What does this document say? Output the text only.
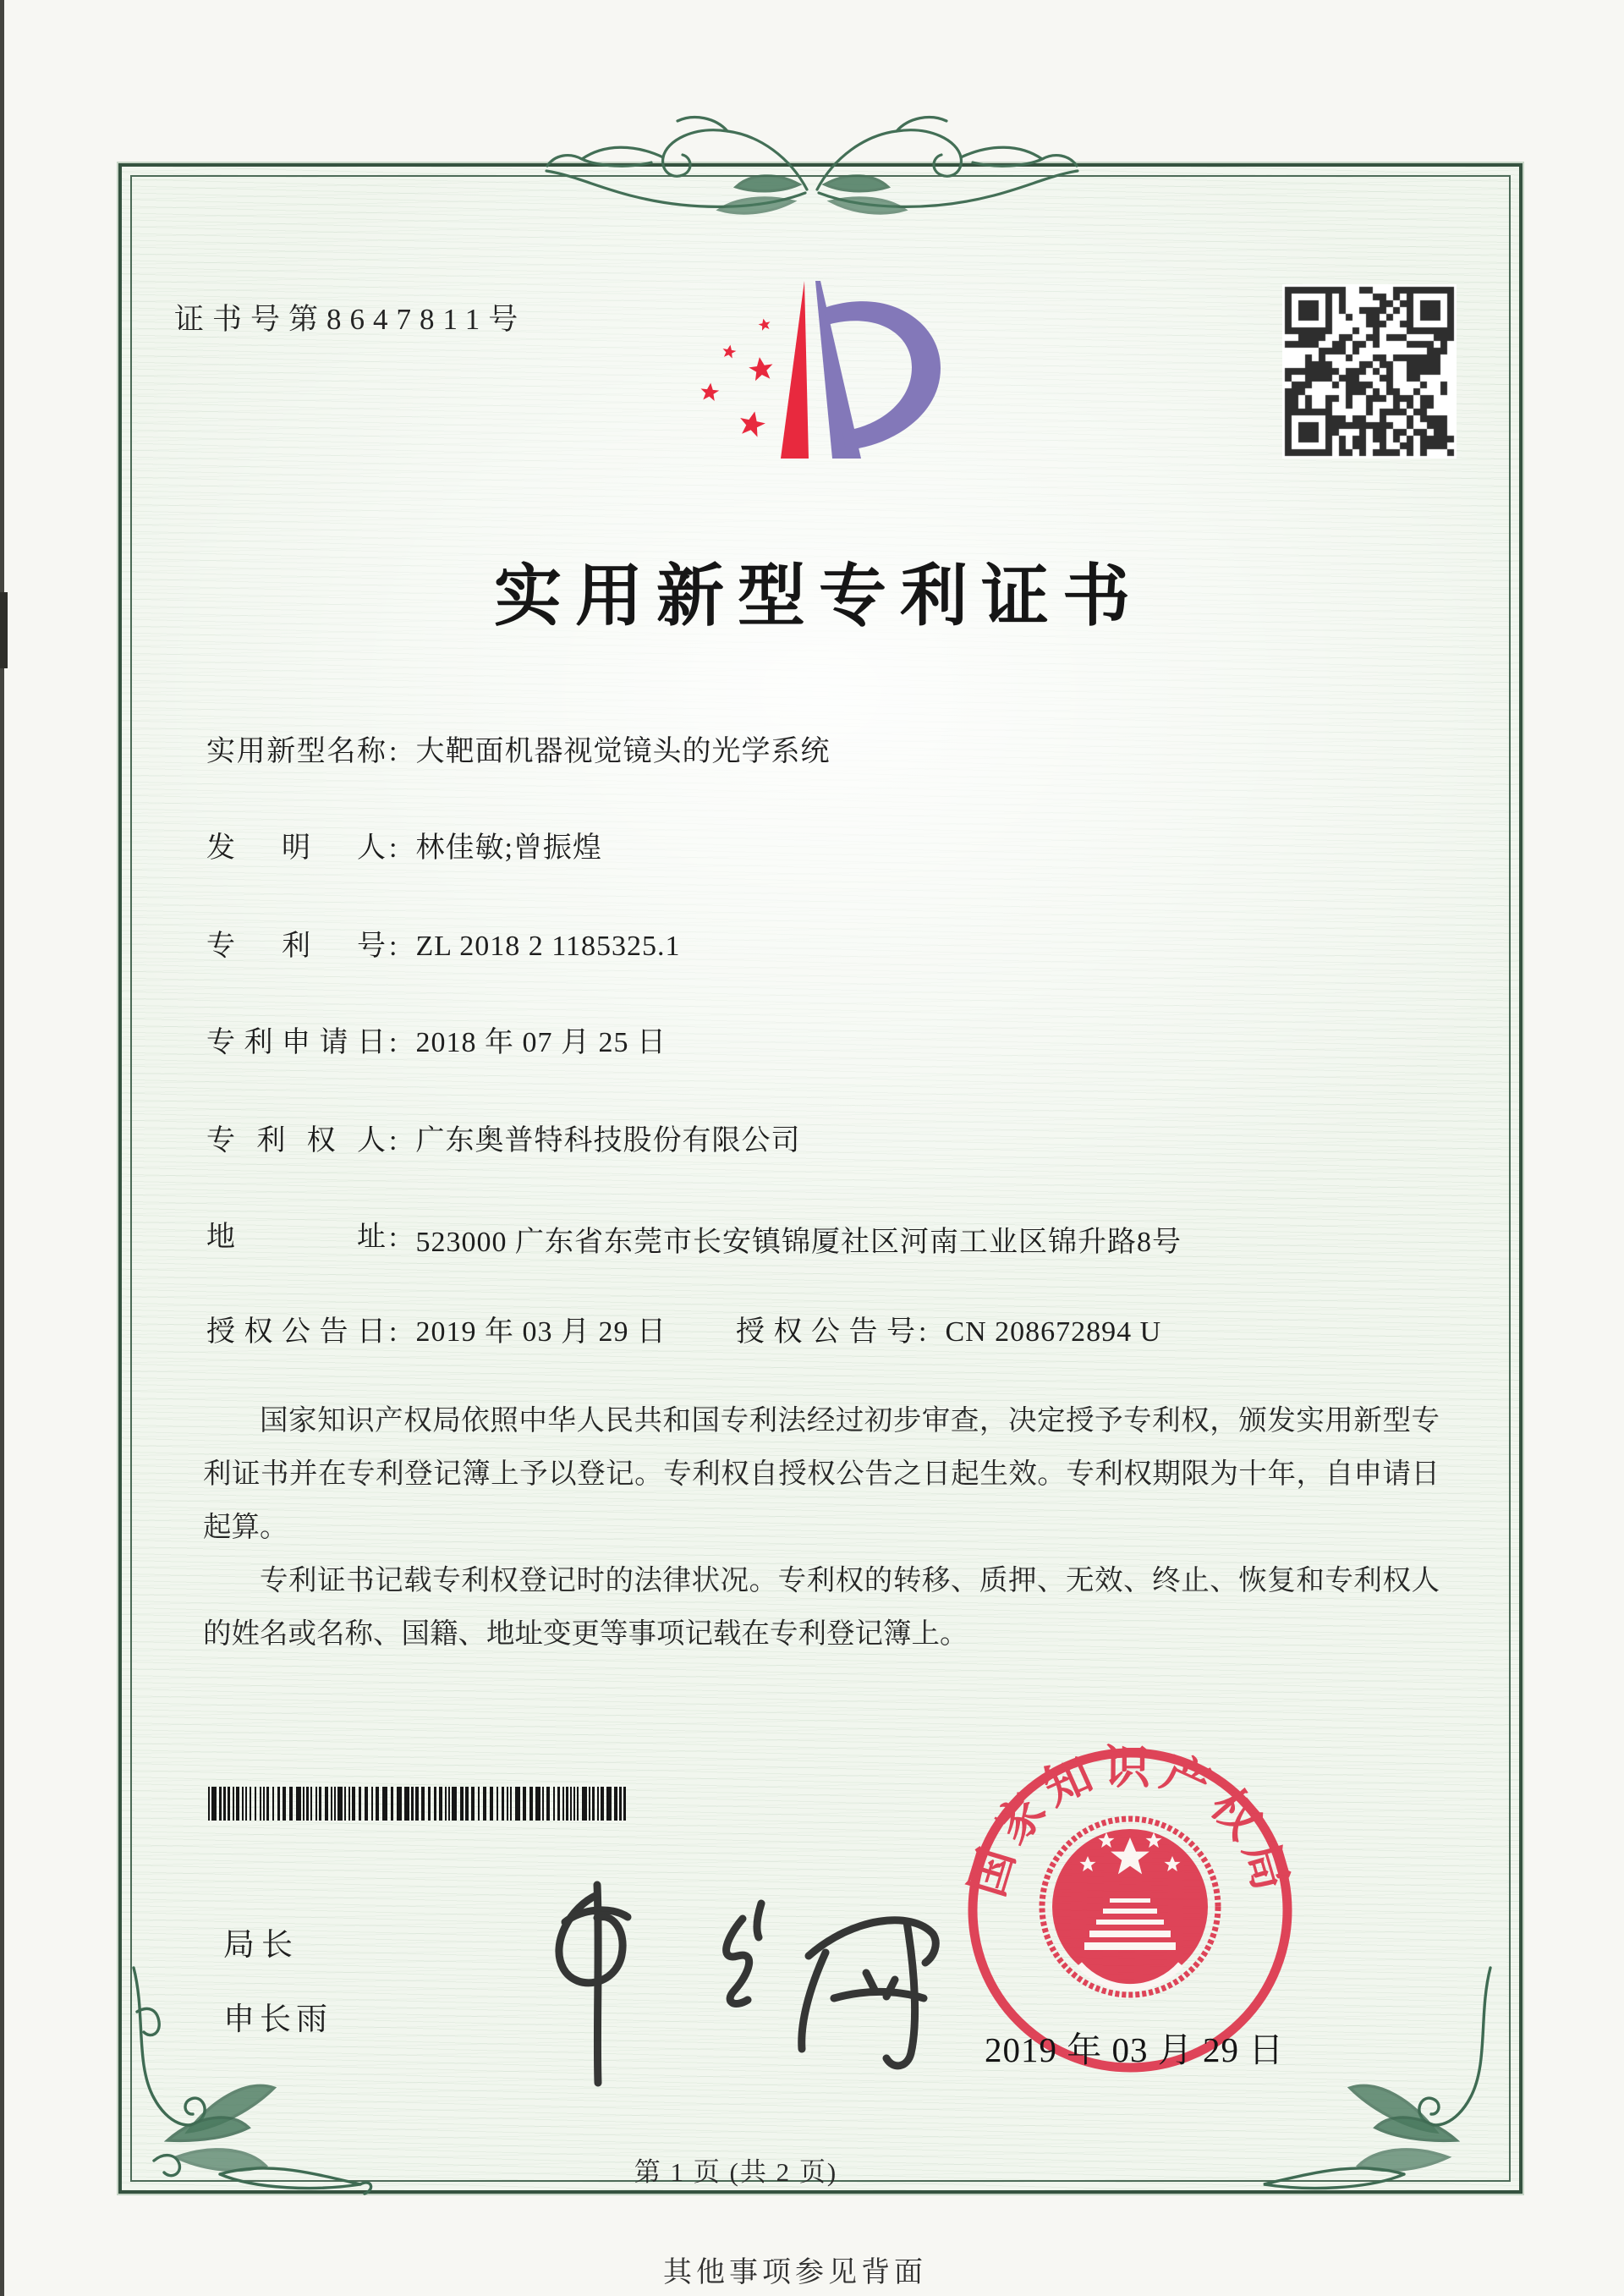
证书号第8647811号
实用新型专利证书
实用新型名称 : 大靶面机器视觉镜头的光学系统
发明人 : 林佳敏;曾振煌
专利号 : ZL 2018 2 1185325.1
专利申请日 : 2018 年 07 月 25 日
专利权人 : 广东奥普特科技股份有限公司
地址 : 523000 广东省东莞市长安镇锦厦社区河南工业区锦升路8号
授权公告日 : 2019 年 03 月 29 日 授权公告号 : CN 208672894 U

国家知识产权局依照中华人民共和国专利法经过初步审查，决定授予专利权，颁发实用新型专利证书并在专利登记簿上予以登记。专利权自授权公告之日起生效。专利权期限为十年，自申请日起算。

专利证书记载专利权登记时的法律状况。专利权的转移、质押、无效、终止、恢复和专利权人的姓名或名称、国籍、地址变更等事项记载在专利登记簿上。

局长
申长雨
国家知识产权局
2019 年 03 月 29 日
第 1 页 (共 2 页)
其他事项参见背面
